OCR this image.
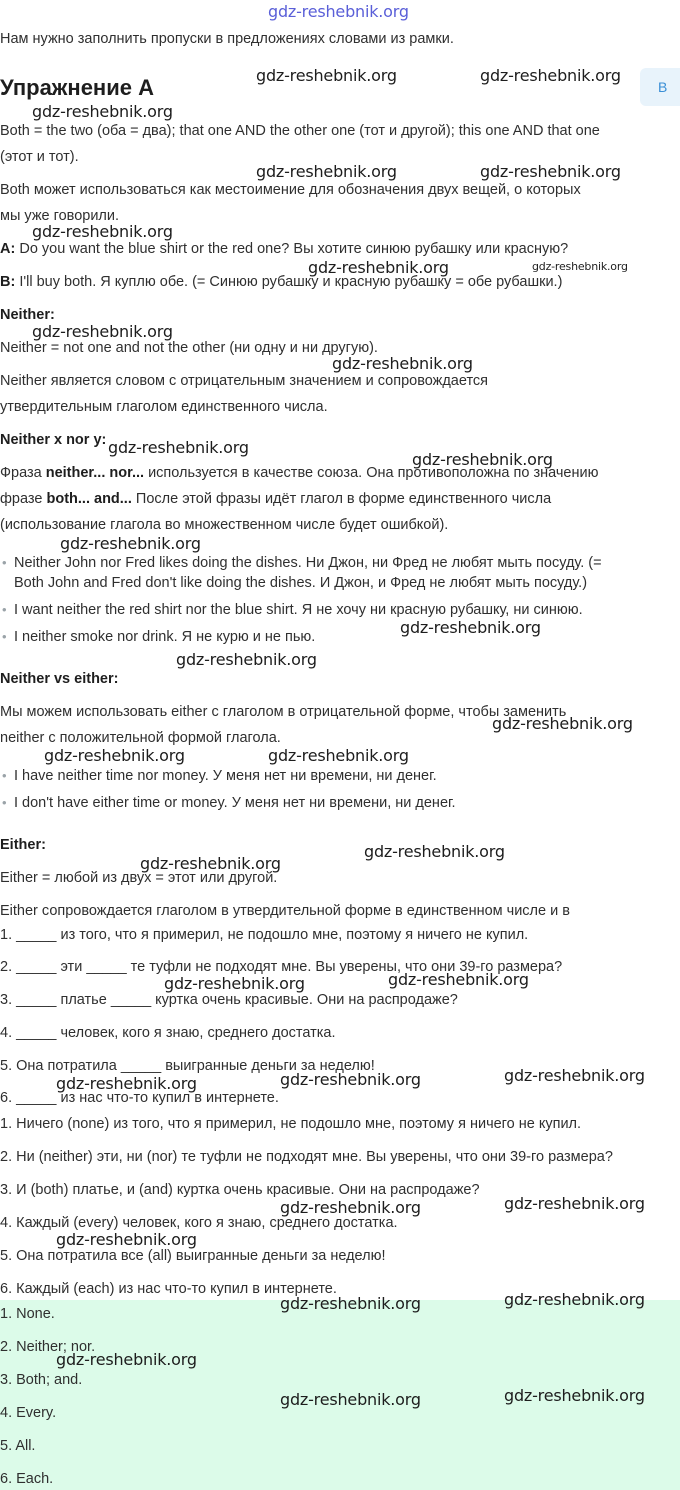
gdz-reshebnik.org
Нам нужно заполнить пропуски в предложениях словами из рамки.
Упражнение А	B
Both = the two (оба = два); that one AND the other one (тот и другой); this one AND that one
(этот и тот).
Both может использоваться как местоимение для обозначения двух вещей, о которых
мы уже говорили.
A: Do you want the blue shirt or the red one? Вы хотите синюю рубашку или красную?
B: I'll buy both. Я куплю обе. (= Синюю рубашку и красную рубашку = обе рубашки.)
Neither:
Neither = not one and not the other (ни одну и ни другую).
Neither является словом с отрицательным значением и сопровождается
утвердительным глаголом единственного числа.
Neither x nor y:
Фраза neither... nor... используется в качестве союза. Она противоположна по значению
фразе both... and... После этой фразы идёт глагол в форме единственного числа
(использование глагола во множественном числе будет ошибкой).
• Neither John nor Fred likes doing the dishes. Ни Джон, ни Фред не любят мыть посуду. (=
Both John and Fred don't like doing the dishes. И Джон, и Фред не любят мыть посуду.)
• I want neither the red shirt nor the blue shirt. Я не хочу ни красную рубашку, ни синюю.
• I neither smoke nor drink. Я не курю и не пью.
Neither vs either:
Мы можем использовать either с глаголом в отрицательной форме, чтобы заменить
neither с положительной формой глагола.
• I have neither time nor money. У меня нет ни времени, ни денег.
• I don't have either time or money. У меня нет ни времени, ни денег.
Either:
Either = любой из двух = этот или другой.
Either сопровождается глаголом в утвердительной форме в единственном числе и в
1. _____ из того, что я примерил, не подошло мне, поэтому я ничего не купил.
2. _____ эти _____ те туфли не подходят мне. Вы уверены, что они 39-го размера?
3. _____ платье _____ куртка очень красивые. Они на распродаже?
4. _____ человек, кого я знаю, среднего достатка.
5. Она потратила _____ выигранные деньги за неделю!
6. _____ из нас что-то купил в интернете.
1. Ничего (none) из того, что я примерил, не подошло мне, поэтому я ничего не купил.
2. Ни (neither) эти, ни (nor) те туфли не подходят мне. Вы уверены, что они 39-го размера?
3. И (both) платье, и (and) куртка очень красивые. Они на распродаже?
4. Каждый (every) человек, кого я знаю, среднего достатка.
5. Она потратила все (all) выигранные деньги за неделю!
6. Каждый (each) из нас что-то купил в интернете.
1. None.
2. Neither; nor.
3. Both; and.
4. Every.
5. All.
6. Each.
gdz-reshebnik.org	gdz-reshebnik.org
gdz-reshebnik.org
gdz-reshebnik.org	gdz-reshebnik.org
gdz-reshebnik.org
gdz-reshebnik.org	gdz-reshebnik.org
gdz-reshebnik.org
gdz-reshebnik.org
gdz-reshebnik.org
gdz-reshebnik.org
gdz-reshebnik.org
gdz-reshebnik.org
gdz-reshebnik.org
gdz-reshebnik.org
gdz-reshebnik.org	gdz-reshebnik.org
gdz-reshebnik.org
gdz-reshebnik.org
gdz-reshebnik.org
gdz-reshebnik.org
gdz-reshebnik.org	gdz-reshebnik.org	gdz-reshebnik.org
gdz-reshebnik.org	gdz-reshebnik.org
gdz-reshebnik.org
gdz-reshebnik.org	gdz-reshebnik.org
gdz-reshebnik.org
gdz-reshebnik.org	gdz-reshebnik.org
